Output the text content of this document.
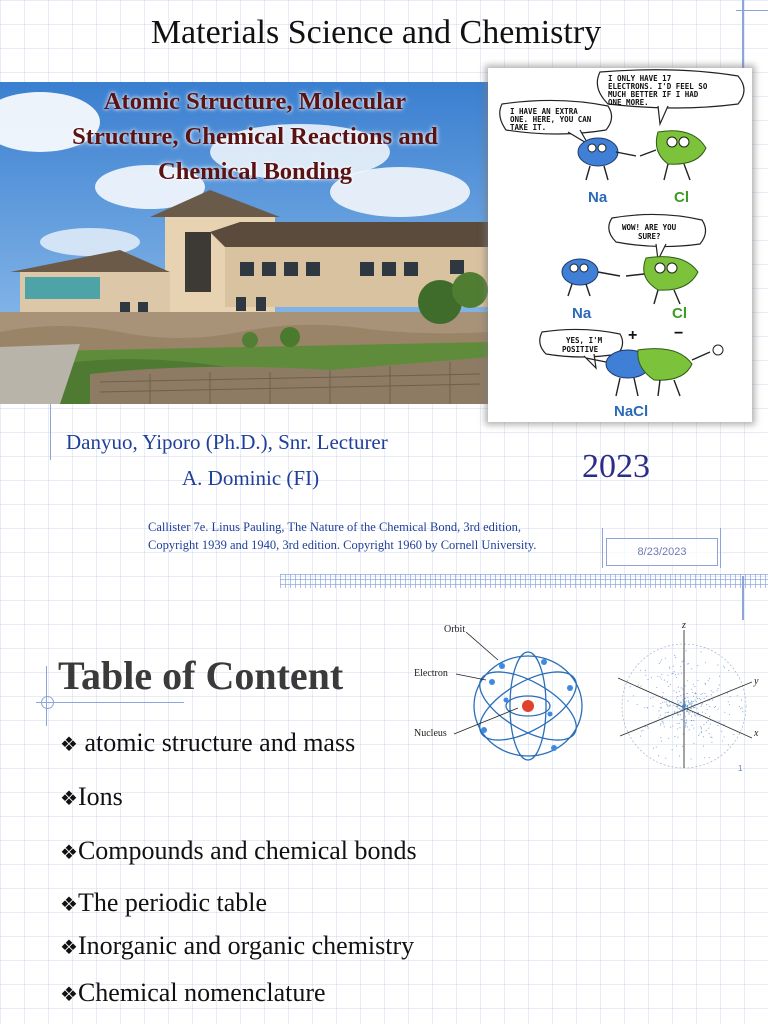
Materials Science and Chemistry
Atomic Structure, Molecular
Structure, Chemical Reactions and
Chemical Bonding
I ONLY HAVE 17
ELECTRONS. I'D FEEL SO
MUCH BETTER IF I HAD
ONE MORE.
I HAVE AN EXTRA
ONE. HERE, YOU CAN
TAKE IT.
Na	Cl
WOW! ARE YOU
SURE?
Na	Cl
YES, I'M
POSITIVE
+ −
NaCl
Danyuo, Yiporo (Ph.D.), Snr. Lecturer
A. Dominic (FI)	2023
Callister 7e. Linus Pauling, The Nature of the Chemical Bond, 3rd edition,
Copyright 1939 and 1940, 3rd edition. Copyright 1960 by Cornell University.	8/23/2023
Table of Content
❖ atomic structure and mass
❖Ions
❖Compounds and chemical bonds
❖The periodic table
❖Inorganic and organic chemistry
❖Chemical nomenclature
Orbit
Electron
Nucleus
z
y
x
1
